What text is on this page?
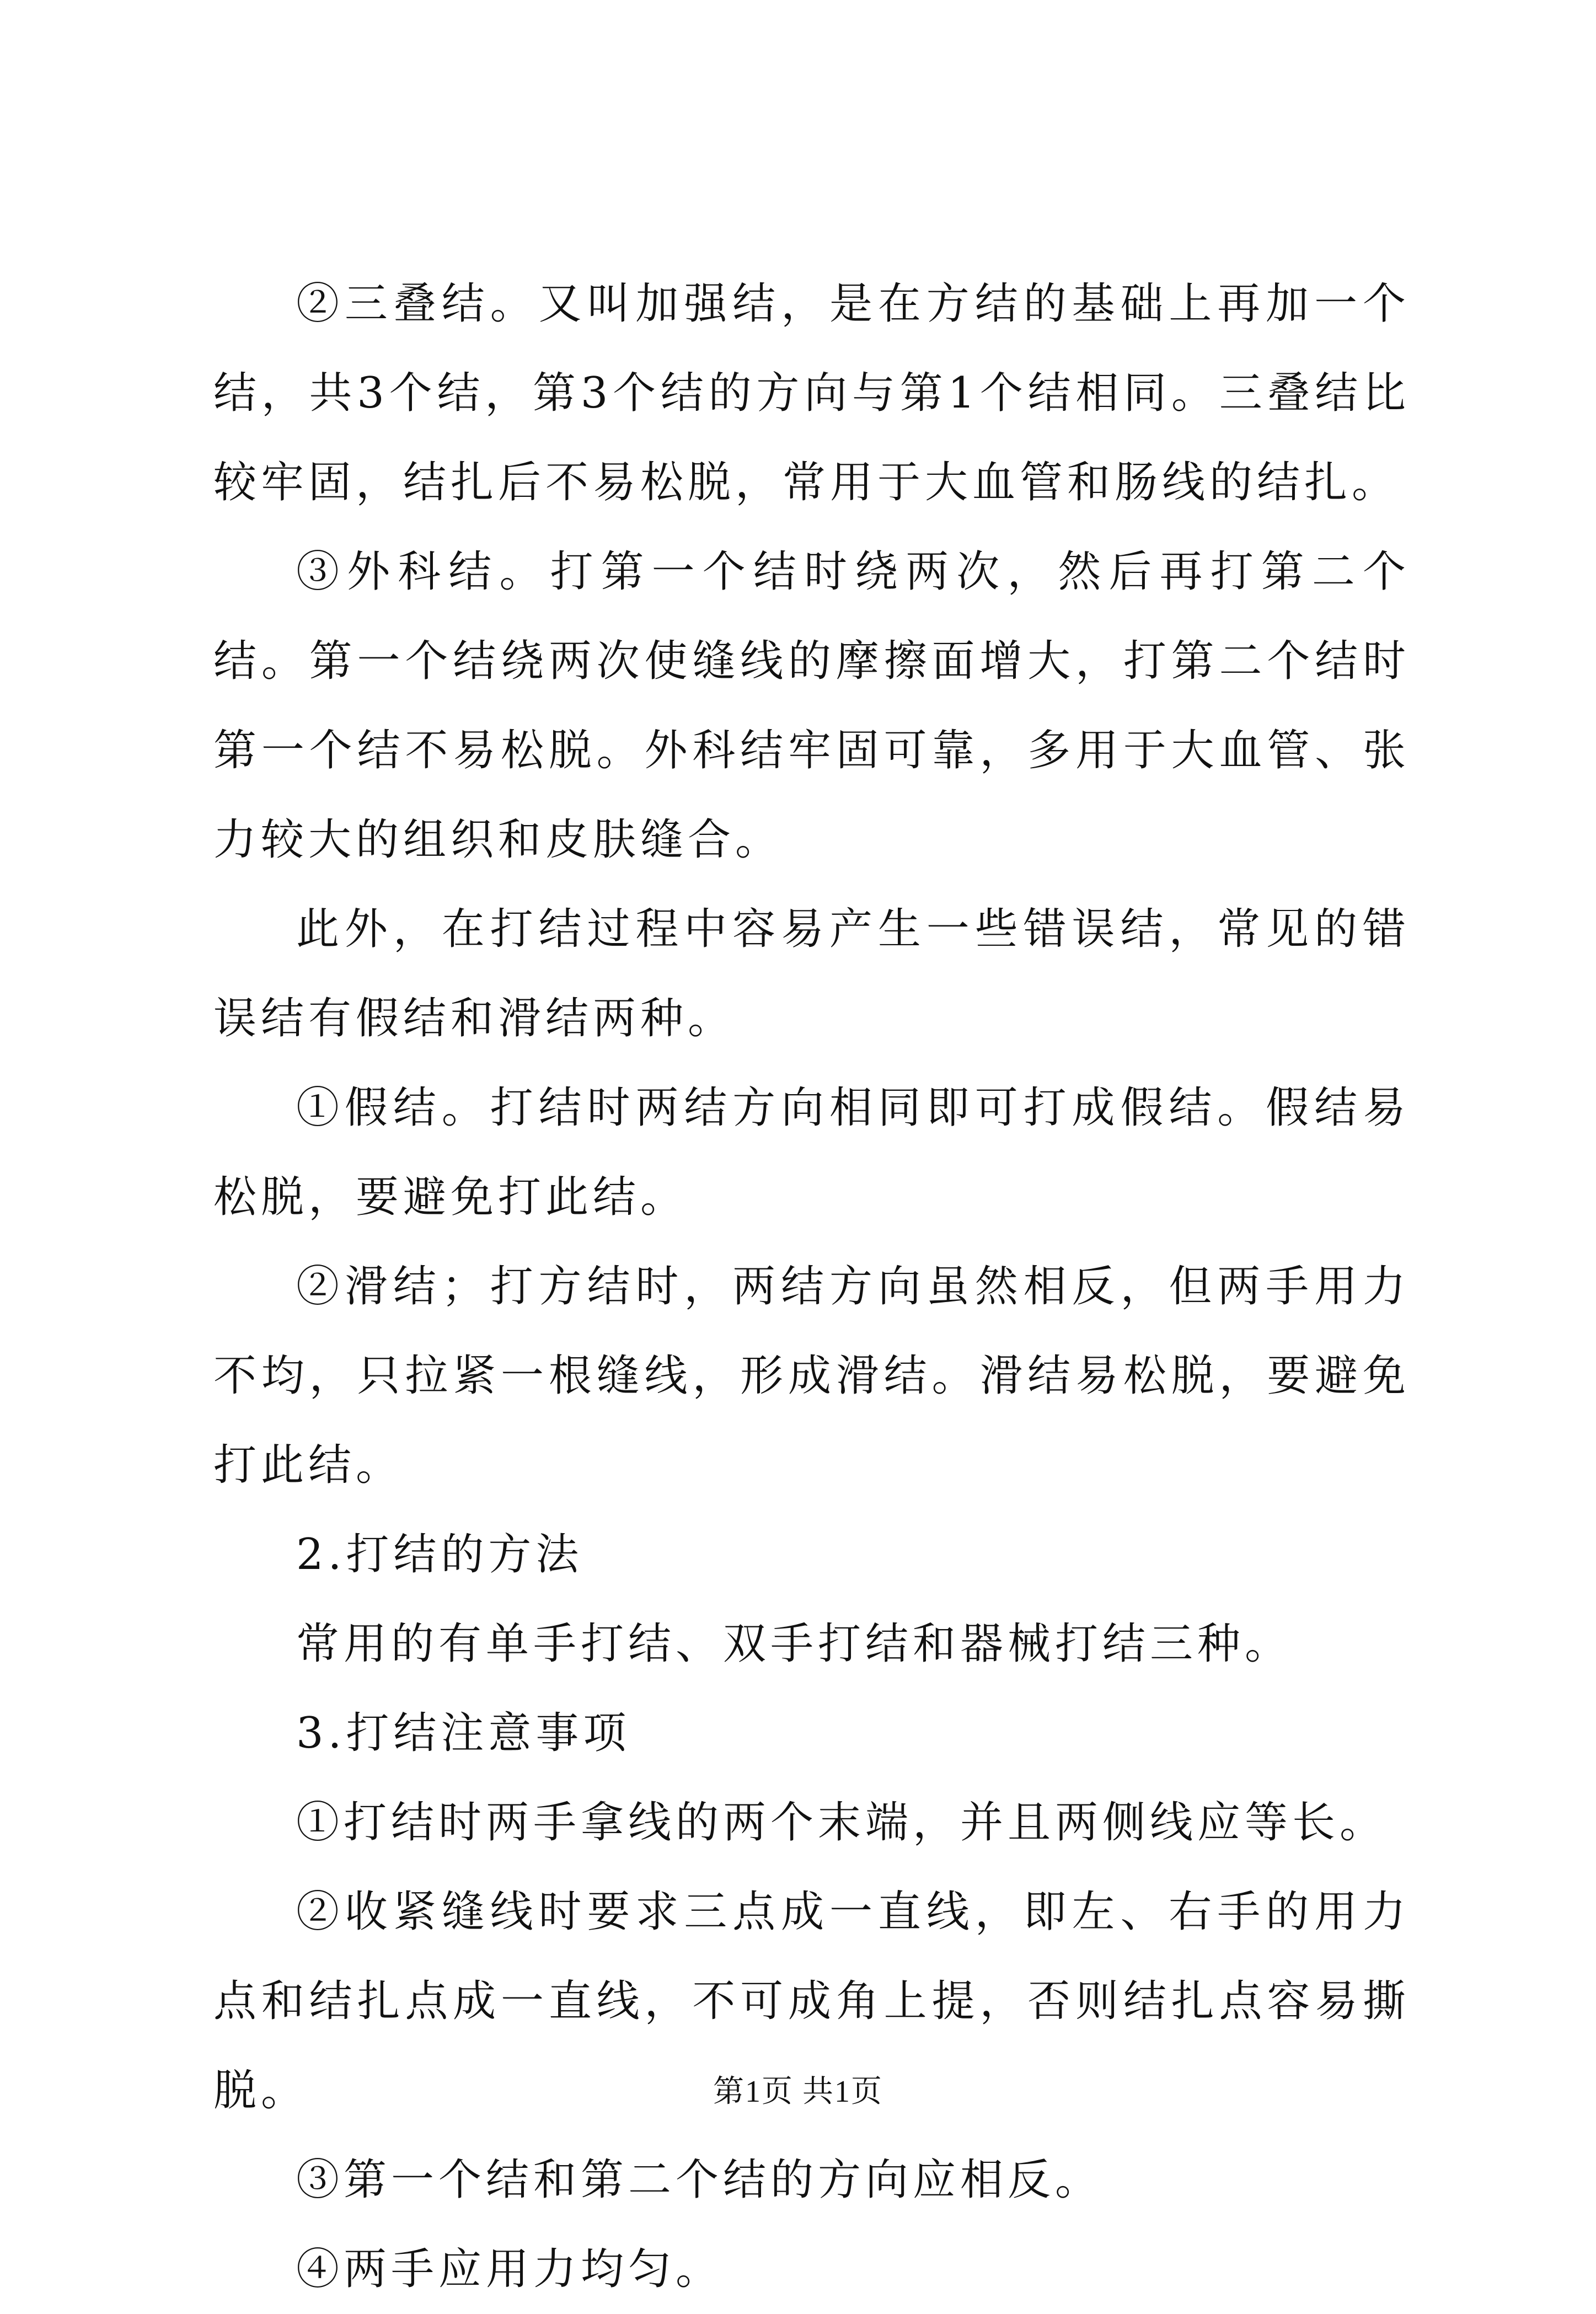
②三叠结。又叫加强结，是在方结的基础上再加一个结，共3个结，第3个结的方向与第1个结相同。三叠结比较牢固，结扎后不易松脱，常用于大血管和肠线的结扎。

③外科结。打第一个结时绕两次，然后再打第二个结。第一个结绕两次使缝线的摩擦面增大，打第二个结时第一个结不易松脱。外科结牢固可靠，多用于大血管、张力较大的组织和皮肤缝合。

此外，在打结过程中容易产生一些错误结，常见的错误结有假结和滑结两种。

①假结。打结时两结方向相同即可打成假结。假结易松脱，要避免打此结。

②滑结；打方结时，两结方向虽然相反，但两手用力不均，只拉紧一根缝线，形成滑结。滑结易松脱，要避免打此结。

2.打结的方法

常用的有单手打结、双手打结和器械打结三种。

3.打结注意事项

①打结时两手拿线的两个末端，并且两侧线应等长。

②收紧缝线时要求三点成一直线，即左、右手的用力点和结扎点成一直线，不可成角上提，否则结扎点容易撕脱。

③第一个结和第二个结的方向应相反。

④两手应用力均匀。

第1页 共1页
